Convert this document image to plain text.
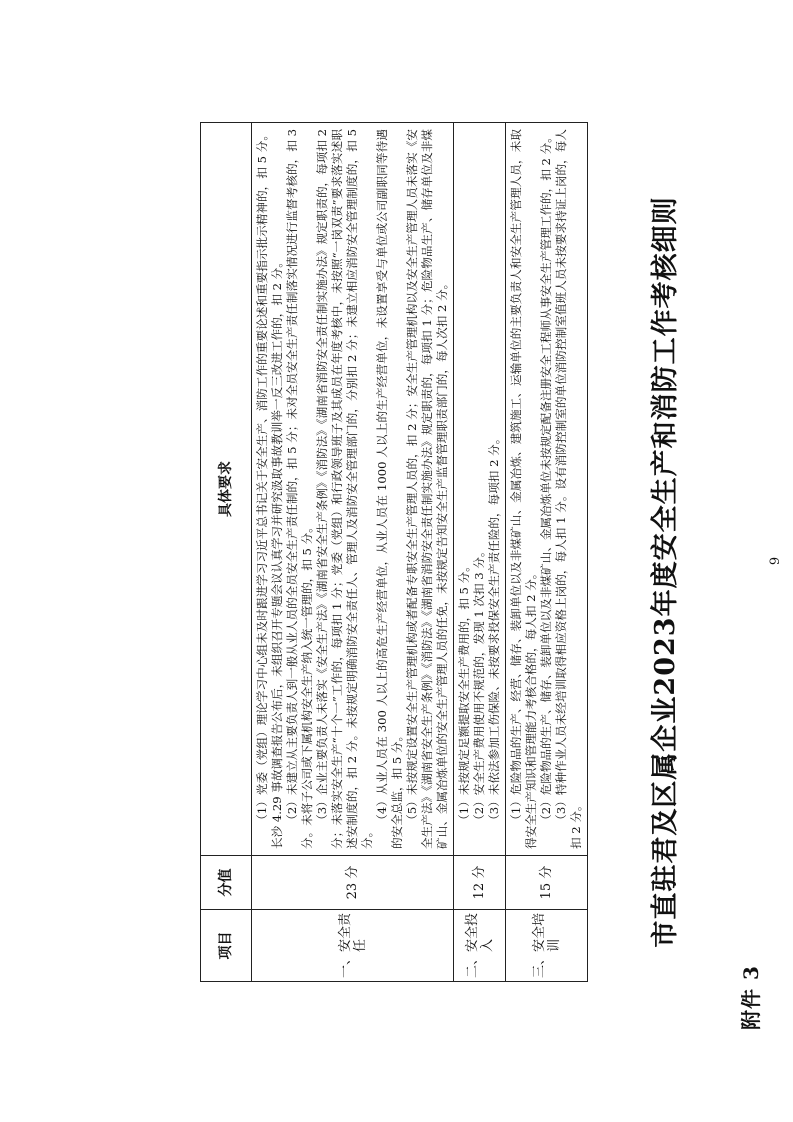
附件 3
市直驻君及区属企业2023年度安全生产和消防工作考核细则
项目	分值	具体要求
一、安全责任	23 分	（1）党委（党组）理论学习中心组未及时跟进学习习近平总书记关于安全生产、消防工作的重要论述和重要指示批示精神的，扣 5 分。长沙 4.29 事故调查报告公布后，未组织召开专题会议认真学习并研究汲取事故教训举一反三改进工作的，扣 2 分。 （2）未建立从主要负责人到一般从业人员的全员安全生产责任制的，扣 5 分；未对全员安全生产责任制落实情况进行监督考核的，扣 3 分。未将子公司或下属机构安全生产纳入统一管理的，扣 5 分。 （3）企业主要负责人未落实《安全生产法》《湖南省安全生产条例》《消防法》《湖南省消防安全责任制实施办法》规定职责的，每项扣 2 分；未落实安全生产“十个一”工作的，每项扣 1 分；党委（党组）和行政领导班子及其成员在年度考核中，未按照“一岗双责”要求落实述职述安制度的，扣 2 分。未按规定明确消防安全责任人、管理人及消防安全管理部门的，分别扣 2 分；未建立相应消防安全管理制度的，扣 5 分。

（4）从业人员在 300 人以上的高危生产经营单位，从业人员在 1000 人以上的生产经营单位，未设置享受与单位或公司副职同等待遇的安全总监，扣 5 分。 （5）未按规定设置安全生产管理机构或者配备专职安全生产管理人员的，扣 2 分；安全生产管理机构以及安全生产管理人员未落实《安全生产法》《湖南省安全生产条例》《消防法》《湖南省消防安全责任制实施办法》规定职责的，每项扣 1 分；危险物品生产、储存单位及非煤矿山、金属冶炼单位的安全生产管理人员的任免，未按规定告知安全生产监督管理职责部门的，每人次扣 2 分。

二、安全投入	12 分	（1）未按规定足额提取安全生产费用的，扣 5 分。 （2）安全生产费用使用不规范的，发现 1 次扣 3 分。 （3）未依法参加工伤保险、未按要求投保安全生产责任险的，每项扣 2 分。

三、安全培训	15 分	（1）危险物品的生产、经营、储存、装卸单位以及非煤矿山、金属冶炼、建筑施工、运输单位的主要负责人和安全生产管理人员，未取得安全生产知识和管理能力考核合格的，每人扣 2 分。 （2）危险物品的生产、储存、装卸单位以及非煤矿山、金属冶炼单位未按规定配备注册安全工程师从事安全生产管理工作的，扣 2 分。 （3）特种作业人员未经培训取得相应资格上岗的，每人扣 1 分。设有消防控制室的单位消防控制室值班人员未按要求持证上岗的，每人扣 2 分。

9
